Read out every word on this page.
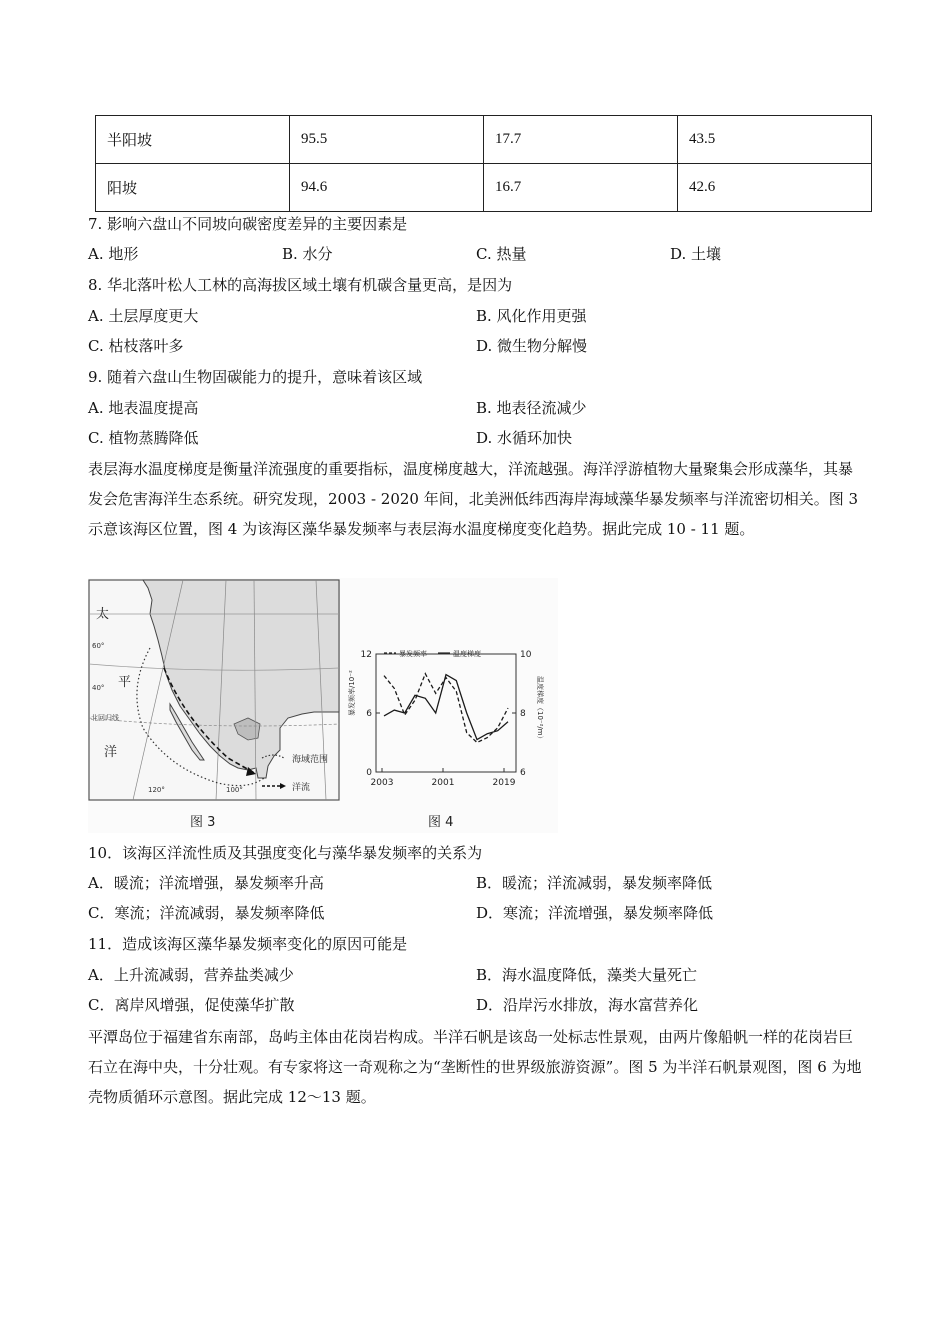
半阳坡	95.5	17.7	43.5
阳坡	94.6	16.7	42.6
7. 影响六盘山不同坡向碳密度差异的主要因素是
A. 地形	B. 水分	C. 热量	D. 土壤
8. 华北落叶松人工林的高海拔区域土壤有机碳含量更高，是因为
A. 土层厚度更大	B. 风化作用更强
C. 枯枝落叶多	D. 微生物分解慢
9. 随着六盘山生物固碳能力的提升，意味着该区域
A. 地表温度提高	B. 地表径流减少
C. 植物蒸腾降低	D. 水循环加快
表层海水温度梯度是衡量洋流强度的重要指标，温度梯度越大，洋流越强。海洋浮游植物大量聚集会形成藻华，其暴发会危害海洋生态系统。研究发现，2003 - 2020 年间，北美洲低纬西海岸海域藻华暴发频率与洋流密切相关。图 3 示意该海区位置，图 4 为该海区藻华暴发频率与表层海水温度梯度变化趋势。据此完成 10 - 11 题。
太
平
洋
60°
40°
北回归线
120°	100°
海域范围
洋流
图 3
暴发频率	温度梯度
暴发频率/10⁻²	温度梯度（10⁻²/m）
0
6
12
6
8
10
2003	2001	2019
图 4
10．该海区洋流性质及其强度变化与藻华暴发频率的关系为
A．暖流；洋流增强，暴发频率升高	B．暖流；洋流减弱，暴发频率降低
C．寒流；洋流减弱，暴发频率降低	D．寒流；洋流增强，暴发频率降低
11．造成该海区藻华暴发频率变化的原因可能是
A．上升流减弱，营养盐类减少	B．海水温度降低，藻类大量死亡
C．离岸风增强，促使藻华扩散	D．沿岸污水排放，海水富营养化
平潭岛位于福建省东南部，岛屿主体由花岗岩构成。半洋石帆是该岛一处标志性景观，由两片像船帆一样的花岗岩巨石立在海中央，十分壮观。有专家将这一奇观称之为“垄断性的世界级旅游资源”。图 5 为半洋石帆景观图，图 6 为地壳物质循环示意图。据此完成 12～13 题。
